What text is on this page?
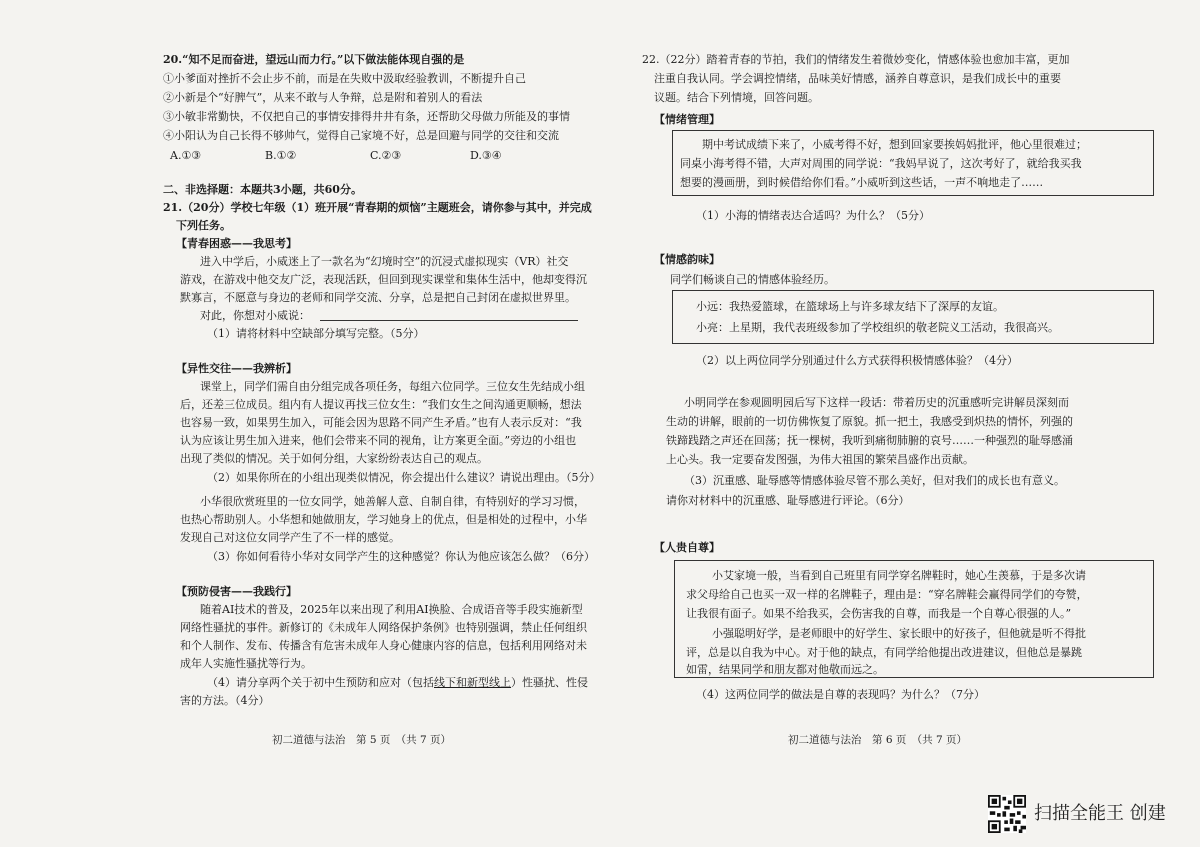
20.“知不足而奋进，望远山而力行。”以下做法能体现自强的是
①小爹面对挫折不会止步不前，而是在失败中汲取经验教训，不断提升自己
②小新是个“好脾气”，从来不敢与人争辩，总是附和着别人的看法
③小敏非常勤快，不仅把自己的事情安排得井井有条，还帮助父母做力所能及的事情
④小阳认为自己长得不够帅气，觉得自己家境不好，总是回避与同学的交往和交流
A.①③	B.①②	C.②③	D.③④
二、非选择题：本题共3小题，共60分。
21.（20分）学校七年级（1）班开展“青春期的烦恼”主题班会，请你参与其中，并完成
下列任务。
【青春困惑——我思考】
进入中学后，小威迷上了一款名为“幻境时空”的沉浸式虚拟现实（VR）社交
游戏，在游戏中他交友广泛，表现活跃，但回到现实课堂和集体生活中，他却变得沉
默寡言，不愿意与身边的老师和同学交流、分享，总是把自己封闭在虚拟世界里。
对此，你想对小威说：
（1）请将材料中空缺部分填写完整。（5分）
【异性交往——我辨析】
课堂上，同学们需自由分组完成各项任务，每组六位同学。三位女生先结成小组
后，还差三位成员。组内有人提议再找三位女生：“我们女生之间沟通更顺畅，想法
也容易一致，如果男生加入，可能会因为思路不同产生矛盾。”也有人表示反对：“我
认为应该让男生加入进来，他们会带来不同的视角，让方案更全面。”旁边的小组也
出现了类似的情况。关于如何分组，大家纷纷表达自己的观点。
（2）如果你所在的小组出现类似情况，你会提出什么建议？请说出理由。（5分）
小华很欣赏班里的一位女同学，她善解人意、自制自律，有特别好的学习习惯，
也热心帮助别人。小华想和她做朋友，学习她身上的优点，但是相处的过程中，小华
发现自己对这位女同学产生了不一样的感觉。
（3）你如何看待小华对女同学产生的这种感觉？你认为他应该怎么做？（6分）
【预防侵害——我践行】
随着AI技术的普及，2025年以来出现了利用AI换脸、合成语音等手段实施新型
网络性骚扰的事件。新修订的《未成年人网络保护条例》也特别强调，禁止任何组织
和个人制作、发布、传播含有危害未成年人身心健康内容的信息，包括利用网络对未
成年人实施性骚扰等行为。
（4）请分享两个关于初中生预防和应对（包括线下和新型线上）性骚扰、性侵
害的方法。（4分）
初二道德与法治　第 5 页　（共 7 页）
22.（22分）踏着青春的节拍，我们的情绪发生着微妙变化，情感体验也愈加丰富，更加
注重自我认同。学会调控情绪，品味美好情感，涵养自尊意识，是我们成长中的重要
议题。结合下列情境，回答问题。
【情绪管理】
期中考试成绩下来了，小威考得不好，想到回家要挨妈妈批评，他心里很难过；
同桌小海考得不错，大声对周围的同学说：“我妈早说了，这次考好了，就给我买我
想要的漫画册，到时候借给你们看。”小威听到这些话，一声不响地走了……
（1）小海的情绪表达合适吗？为什么？（5分）
【情感韵味】
同学们畅谈自己的情感体验经历。
小远：我热爱篮球，在篮球场上与许多球友结下了深厚的友谊。
小亮：上星期，我代表班级参加了学校组织的敬老院义工活动，我很高兴。
（2）以上两位同学分别通过什么方式获得积极情感体验？（4分）
小明同学在参观圆明园后写下这样一段话：带着历史的沉重感听完讲解员深刻而
生动的讲解，眼前的一切仿佛恢复了原貌。抓一把土，我感受到炽热的情怀，列强的
铁蹄践踏之声还在回荡；抚一棵树，我听到痛彻肺腑的哀号……一种强烈的耻辱感涌
上心头。我一定要奋发图强，为伟大祖国的繁荣昌盛作出贡献。
（3）沉重感、耻辱感等情感体验尽管不那么美好，但对我们的成长也有意义。
请你对材料中的沉重感、耻辱感进行评论。（6分）
【人贵自尊】
小艾家境一般，当看到自己班里有同学穿名牌鞋时，她心生羡慕，于是多次请
求父母给自己也买一双一样的名牌鞋子，理由是：“穿名牌鞋会赢得同学们的夸赞，
让我很有面子。如果不给我买，会伤害我的自尊，而我是一个自尊心很强的人。”
小强聪明好学，是老师眼中的好学生、家长眼中的好孩子，但他就是听不得批
评，总是以自我为中心。对于他的缺点，有同学给他提出改进建议，但他总是暴跳
如雷，结果同学和朋友都对他敬而远之。
（4）这两位同学的做法是自尊的表现吗？为什么？（7分）
初二道德与法治　第 6 页　（共 7 页）
扫描全能王 创建
